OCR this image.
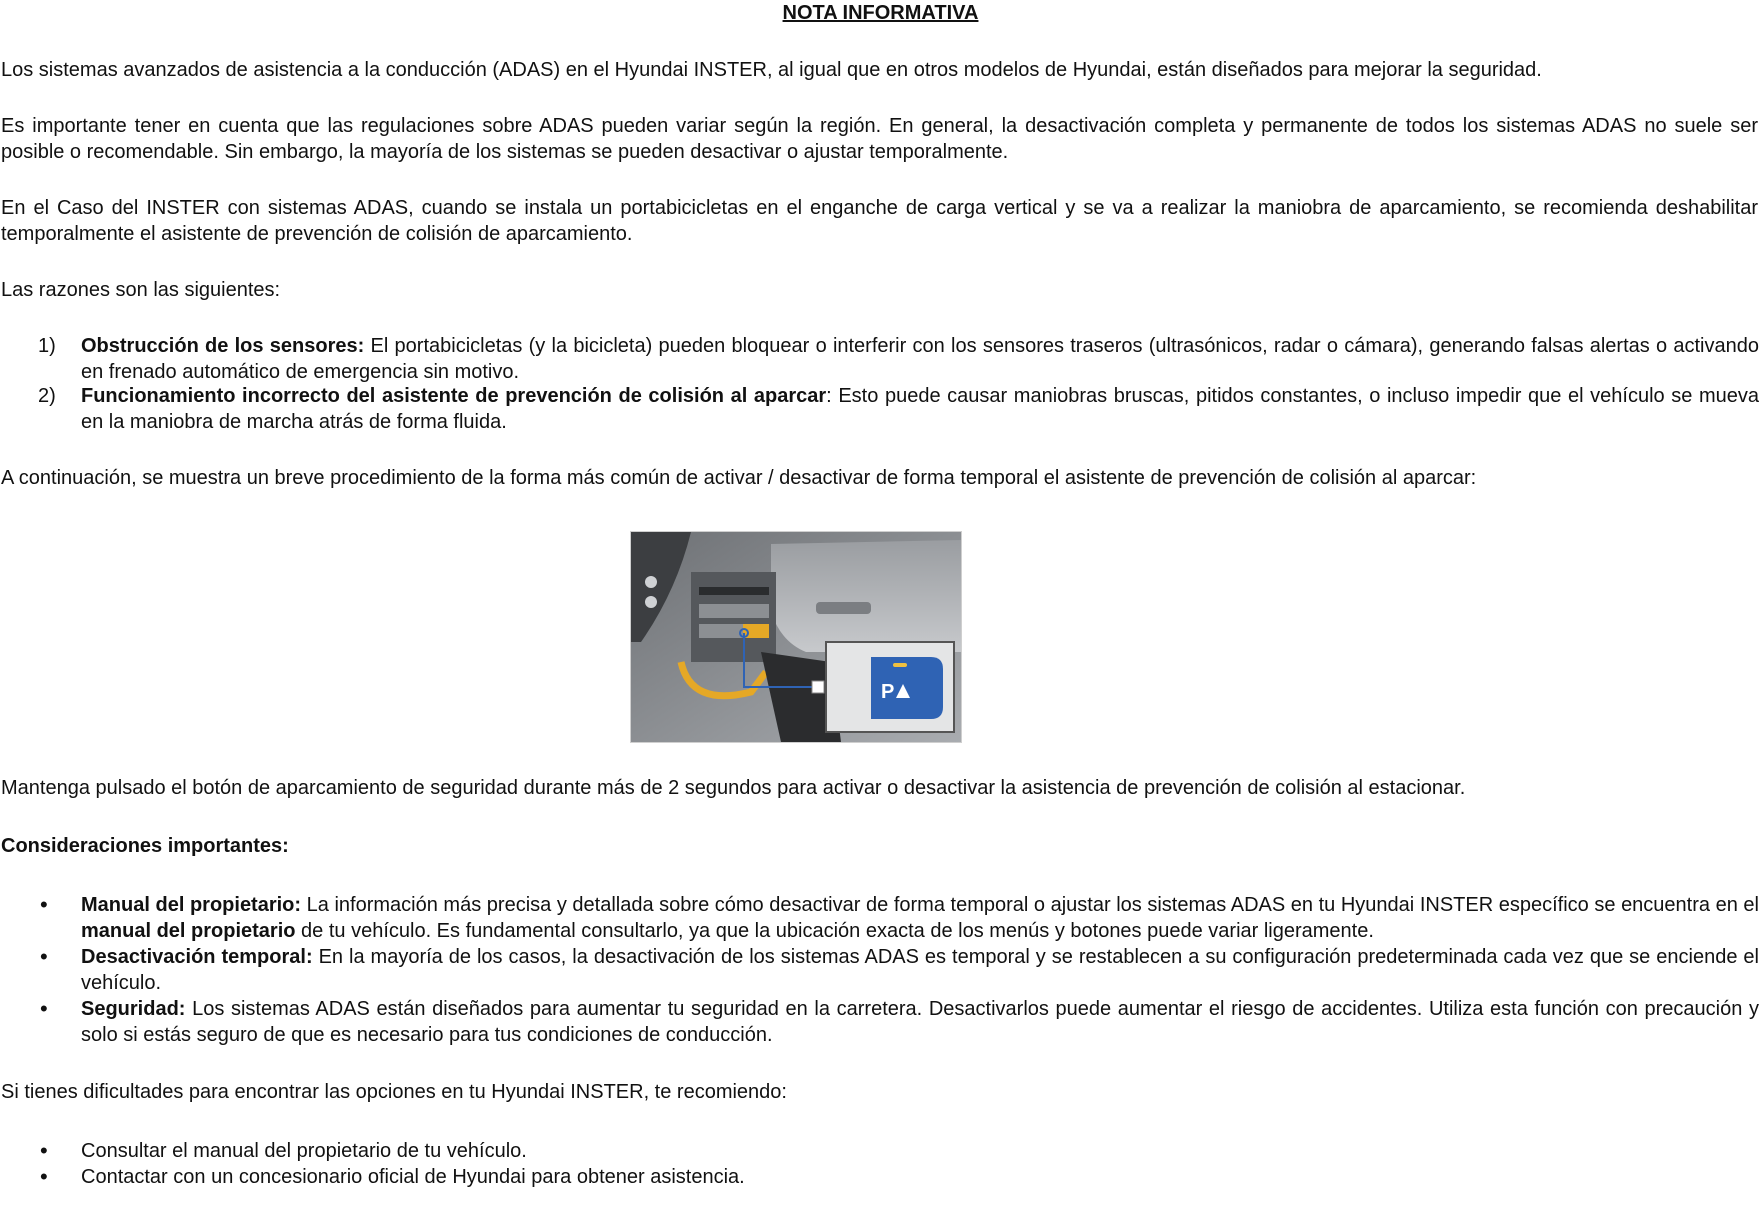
NOTA INFORMATIVA

Los sistemas avanzados de asistencia a la conducción (ADAS) en el Hyundai INSTER, al igual que en otros modelos de Hyundai, están diseñados para mejorar la seguridad.

Es importante tener en cuenta que las regulaciones sobre ADAS pueden variar según la región. En general, la desactivación completa y permanente de todos los sistemas ADAS no suele ser posible o recomendable. Sin embargo, la mayoría de los sistemas se pueden desactivar o ajustar temporalmente.

En el Caso del INSTER con sistemas ADAS, cuando se instala un portabicicletas en el enganche de carga vertical y se va a realizar la maniobra de aparcamiento, se recomienda deshabilitar temporalmente el asistente de prevención de colisión de aparcamiento.

Las razones son las siguientes:

1) Obstrucción de los sensores: El portabicicletas (y la bicicleta) pueden bloquear o interferir con los sensores traseros (ultrasónicos, radar o cámara), generando falsas alertas o activando en frenado automático de emergencia sin motivo.
2) Funcionamiento incorrecto del asistente de prevención de colisión al aparcar: Esto puede causar maniobras bruscas, pitidos constantes, o incluso impedir que el vehículo se mueva en la maniobra de marcha atrás de forma fluida.

A continuación, se muestra un breve procedimiento de la forma más común de activar / desactivar de forma temporal el asistente de prevención de colisión al aparcar:

P

Mantenga pulsado el botón de aparcamiento de seguridad durante más de 2 segundos para activar o desactivar la asistencia de prevención de colisión al estacionar.

Consideraciones importantes:

• Manual del propietario: La información más precisa y detallada sobre cómo desactivar de forma temporal o ajustar los sistemas ADAS en tu Hyundai INSTER específico se encuentra en el manual del propietario de tu vehículo. Es fundamental consultarlo, ya que la ubicación exacta de los menús y botones puede variar ligeramente.
• Desactivación temporal: En la mayoría de los casos, la desactivación de los sistemas ADAS es temporal y se restablecen a su configuración predeterminada cada vez que se enciende el vehículo.
• Seguridad: Los sistemas ADAS están diseñados para aumentar tu seguridad en la carretera. Desactivarlos puede aumentar el riesgo de accidentes. Utiliza esta función con precaución y solo si estás seguro de que es necesario para tus condiciones de conducción.

Si tienes dificultades para encontrar las opciones en tu Hyundai INSTER, te recomiendo:

• Consultar el manual del propietario de tu vehículo.
• Contactar con un concesionario oficial de Hyundai para obtener asistencia.
